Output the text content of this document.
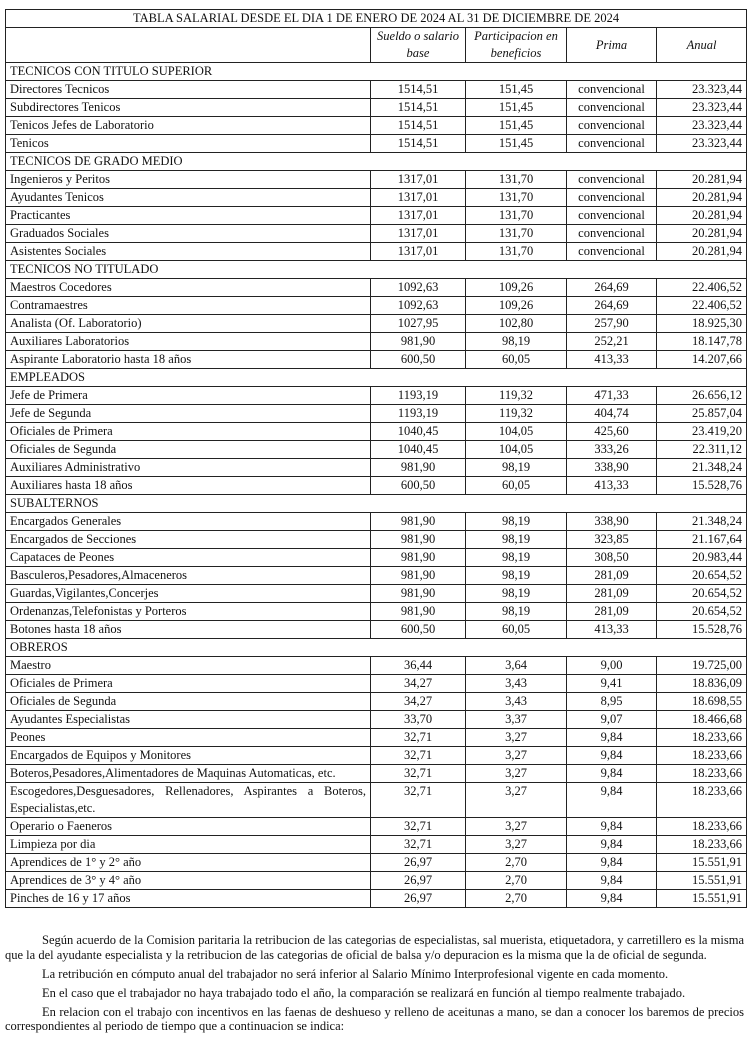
TABLA SALARIAL DESDE EL DIA 1 DE ENERO DE 2024 AL 31 DE DICIEMBRE DE 2024				
	Sueldo o salario base	Participacion en beneficios	Prima	Anual
TECNICOS CON TITULO SUPERIOR				
Directores Tecnicos	1514,51	151,45	convencional	23.323,44
Subdirectores Tenicos	1514,51	151,45	convencional	23.323,44
Tenicos Jefes de Laboratorio	1514,51	151,45	convencional	23.323,44
Tenicos	1514,51	151,45	convencional	23.323,44
TECNICOS DE GRADO MEDIO				
Ingenieros y Peritos	1317,01	131,70	convencional	20.281,94
Ayudantes Tenicos	1317,01	131,70	convencional	20.281,94
Practicantes	1317,01	131,70	convencional	20.281,94
Graduados Sociales	1317,01	131,70	convencional	20.281,94
Asistentes Sociales	1317,01	131,70	convencional	20.281,94
TECNICOS NO TITULADO				
Maestros Cocedores	1092,63	109,26	264,69	22.406,52
Contramaestres	1092,63	109,26	264,69	22.406,52
Analista (Of. Laboratorio)	1027,95	102,80	257,90	18.925,30
Auxiliares Laboratorios	981,90	98,19	252,21	18.147,78
Aspirante Laboratorio hasta 18 años	600,50	60,05	413,33	14.207,66
EMPLEADOS				
Jefe de Primera	1193,19	119,32	471,33	26.656,12
Jefe de Segunda	1193,19	119,32	404,74	25.857,04
Oficiales de Primera	1040,45	104,05	425,60	23.419,20
Oficiales de Segunda	1040,45	104,05	333,26	22.311,12
Auxiliares Administrativo	981,90	98,19	338,90	21.348,24
Auxiliares hasta 18 años	600,50	60,05	413,33	15.528,76
SUBALTERNOS				
Encargados Generales	981,90	98,19	338,90	21.348,24
Encargados de Secciones	981,90	98,19	323,85	21.167,64
Capataces de Peones	981,90	98,19	308,50	20.983,44
Basculeros,Pesadores,Almaceneros	981,90	98,19	281,09	20.654,52
Guardas,Vigilantes,Concerjes	981,90	98,19	281,09	20.654,52
Ordenanzas,Telefonistas y Porteros	981,90	98,19	281,09	20.654,52
Botones hasta 18 años	600,50	60,05	413,33	15.528,76
OBREROS				
Maestro	36,44	3,64	9,00	19.725,00
Oficiales de Primera	34,27	3,43	9,41	18.836,09
Oficiales de Segunda	34,27	3,43	8,95	18.698,55
Ayudantes Especialistas	33,70	3,37	9,07	18.466,68
Peones	32,71	3,27	9,84	18.233,66
Encargados de Equipos y Monitores	32,71	3,27	9,84	18.233,66
Boteros,Pesadores,Alimentadores de Maquinas Automaticas, etc.	32,71	3,27	9,84	18.233,66
Escogedores,Desguesadores, Rellenadores, Aspirantes a Boteros, Especialistas,etc.	32,71	3,27	9,84	18.233,66
Operario o Faeneros	32,71	3,27	9,84	18.233,66
Limpieza por dia	32,71	3,27	9,84	18.233,66
Aprendices de 1° y 2° año	26,97	2,70	9,84	15.551,91
Aprendices de 3° y 4° año	26,97	2,70	9,84	15.551,91
Pinches de 16 y 17 años	26,97	2,70	9,84	15.551,91

Según acuerdo de la Comision paritaria la retribucion de las categorias de especialistas, sal muerista, etiquetadora, y carretillero es la misma que la del ayudante especialista y la retribucion de las categorias de oficial de balsa y/o depuracion es la misma que la de oficial de segunda.

La retribución en cómputo anual del trabajador no será inferior al Salario Mínimo Interprofesional vigente en cada momento.

En el caso que el trabajador no haya trabajado todo el año, la comparación se realizará en función al tiempo realmente trabajado.

En relacion con el trabajo con incentivos en las faenas de deshueso y relleno de aceitunas a mano, se dan a conocer los baremos de precios correspondientes al periodo de tiempo que a continuacion se indica:
